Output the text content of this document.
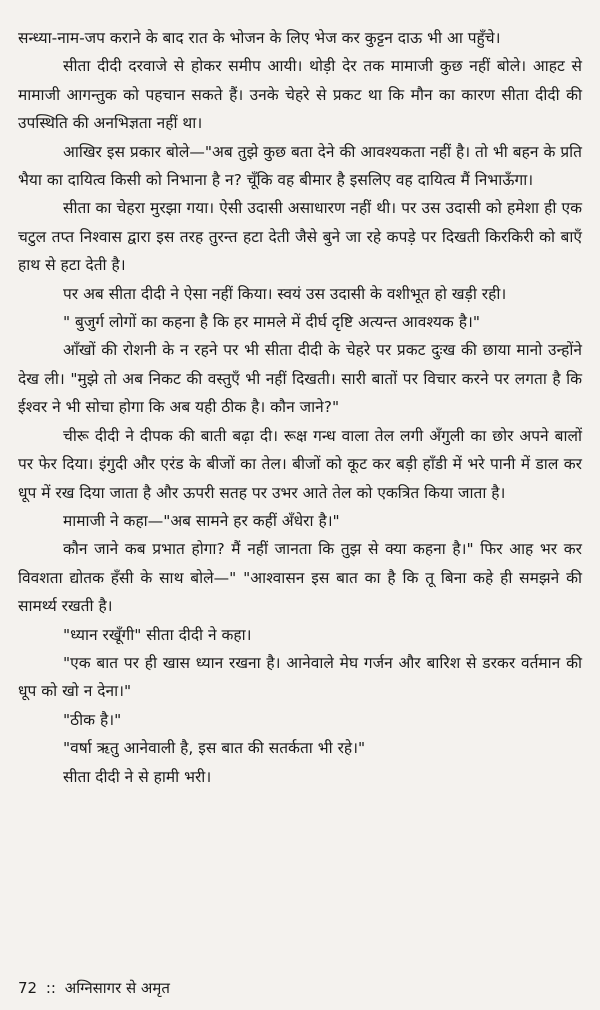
सन्ध्या-नाम-जप कराने के बाद रात के भोजन के लिए भेज कर कुट्टन दाऊ भी आ पहुँचे।

सीता दीदी दरवाजे से होकर समीप आयी। थोड़ी देर तक मामाजी कुछ नहीं बोले। आहट से मामाजी आगन्तुक को पहचान सकते हैं। उनके चेहरे से प्रकट था कि मौन का कारण सीता दीदी की उपस्थिति की अनभिज्ञता नहीं था।

आखिर इस प्रकार बोले—"अब तुझे कुछ बता देने की आवश्यकता नहीं है। तो भी बहन के प्रति भैया का दायित्व किसी को निभाना है न? चूँकि वह बीमार है इसलिए वह दायित्व मैं निभाऊँगा।

सीता का चेहरा मुरझा गया। ऐसी उदासी असाधारण नहीं थी। पर उस उदासी को हमेशा ही एक चटुल तप्त निश्वास द्वारा इस तरह तुरन्त हटा देती जैसे बुने जा रहे कपड़े पर दिखती किरकिरी को बाएँ हाथ से हटा देती है।

पर अब सीता दीदी ने ऐसा नहीं किया। स्वयं उस उदासी के वशीभूत हो खड़ी रही।

" बुजुर्ग लोगों का कहना है कि हर मामले में दीर्घ दृष्टि अत्यन्त आवश्यक है।"

आँखों की रोशनी के न रहने पर भी सीता दीदी के चेहरे पर प्रकट दुःख की छाया मानो उन्होंने देख ली। "मुझे तो अब निकट की वस्तुएँ भी नहीं दिखती। सारी बातों पर विचार करने पर लगता है कि ईश्वर ने भी सोचा होगा कि अब यही ठीक है। कौन जाने?"

चीरू दीदी ने दीपक की बाती बढ़ा दी। रूक्ष गन्ध वाला तेल लगी अँगुली का छोर अपने बालों पर फेर दिया। इंगुदी और एरंड के बीजों का तेल। बीजों को कूट कर बड़ी हाँडी में भरे पानी में डाल कर धूप में रख दिया जाता है और ऊपरी सतह पर उभर आते तेल को एकत्रित किया जाता है।

मामाजी ने कहा—"अब सामने हर कहीं अँधेरा है।"

कौन जाने कब प्रभात होगा? मैं नहीं जानता कि तुझ से क्या कहना है।" फिर आह भर कर विवशता द्योतक हँसी के साथ बोले—" "आश्वासन इस बात का है कि तू बिना कहे ही समझने की सामर्थ्य रखती है।

"ध्यान रखूँगी" सीता दीदी ने कहा।

"एक बात पर ही खास ध्यान रखना है। आनेवाले मेघ गर्जन और बारिश से डरकर वर्तमान की धूप को खो न देना।"

"ठीक है।"

"वर्षा ऋतु आनेवाली है, इस बात की सतर्कता भी रहे।"

सीता दीदी ने से हामी भरी।

72 :: अग्निसागर से अमृत
